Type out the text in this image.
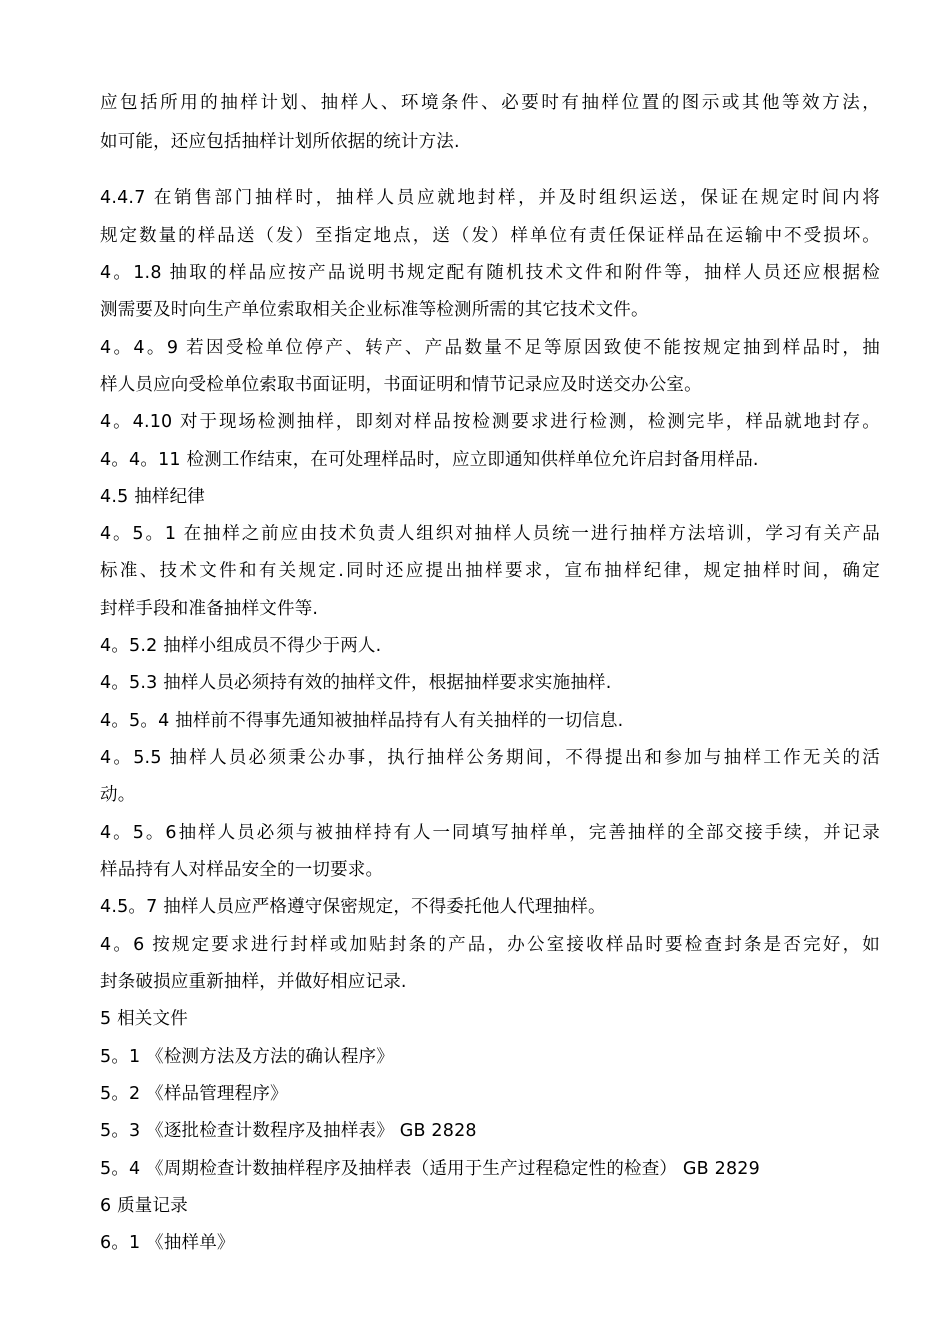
应包括所用的抽样计划、抽样人、环境条件、必要时有抽样位置的图示或其他等效方法，
如可能，还应包括抽样计划所依据的统计方法.
4.4.7 在销售部门抽样时，抽样人员应就地封样，并及时组织运送，保证在规定时间内将
规定数量的样品送（发）至指定地点，送（发）样单位有责任保证样品在运输中不受损坏。
4。1.8 抽取的样品应按产品说明书规定配有随机技术文件和附件等，抽样人员还应根据检
测需要及时向生产单位索取相关企业标准等检测所需的其它技术文件。
4。4。9 若因受检单位停产、转产、产品数量不足等原因致使不能按规定抽到样品时，抽
样人员应向受检单位索取书面证明，书面证明和情节记录应及时送交办公室。
4。4.10 对于现场检测抽样，即刻对样品按检测要求进行检测，检测完毕，样品就地封存。
4。4。11 检测工作结束，在可处理样品时，应立即通知供样单位允许启封备用样品.
4.5 抽样纪律
4。5。1 在抽样之前应由技术负责人组织对抽样人员统一进行抽样方法培训，学习有关产品
标准、技术文件和有关规定.同时还应提出抽样要求，宣布抽样纪律，规定抽样时间，确定
封样手段和准备抽样文件等.
4。5.2 抽样小组成员不得少于两人.
4。5.3 抽样人员必须持有效的抽样文件，根据抽样要求实施抽样.
4。5。4 抽样前不得事先通知被抽样品持有人有关抽样的一切信息.
4。5.5 抽样人员必须秉公办事，执行抽样公务期间，不得提出和参加与抽样工作无关的活
动。
4。5。6抽样人员必须与被抽样持有人一同填写抽样单，完善抽样的全部交接手续，并记录
样品持有人对样品安全的一切要求。
4.5。7 抽样人员应严格遵守保密规定，不得委托他人代理抽样。
4。6 按规定要求进行封样或加贴封条的产品，办公室接收样品时要检查封条是否完好，如
封条破损应重新抽样，并做好相应记录.
5 相关文件
5。1 《检测方法及方法的确认程序》
5。2 《样品管理程序》
5。3 《逐批检查计数程序及抽样表》 GB 2828
5。4 《周期检查计数抽样程序及抽样表（适用于生产过程稳定性的检查） GB 2829
6 质量记录
6。1 《抽样单》
